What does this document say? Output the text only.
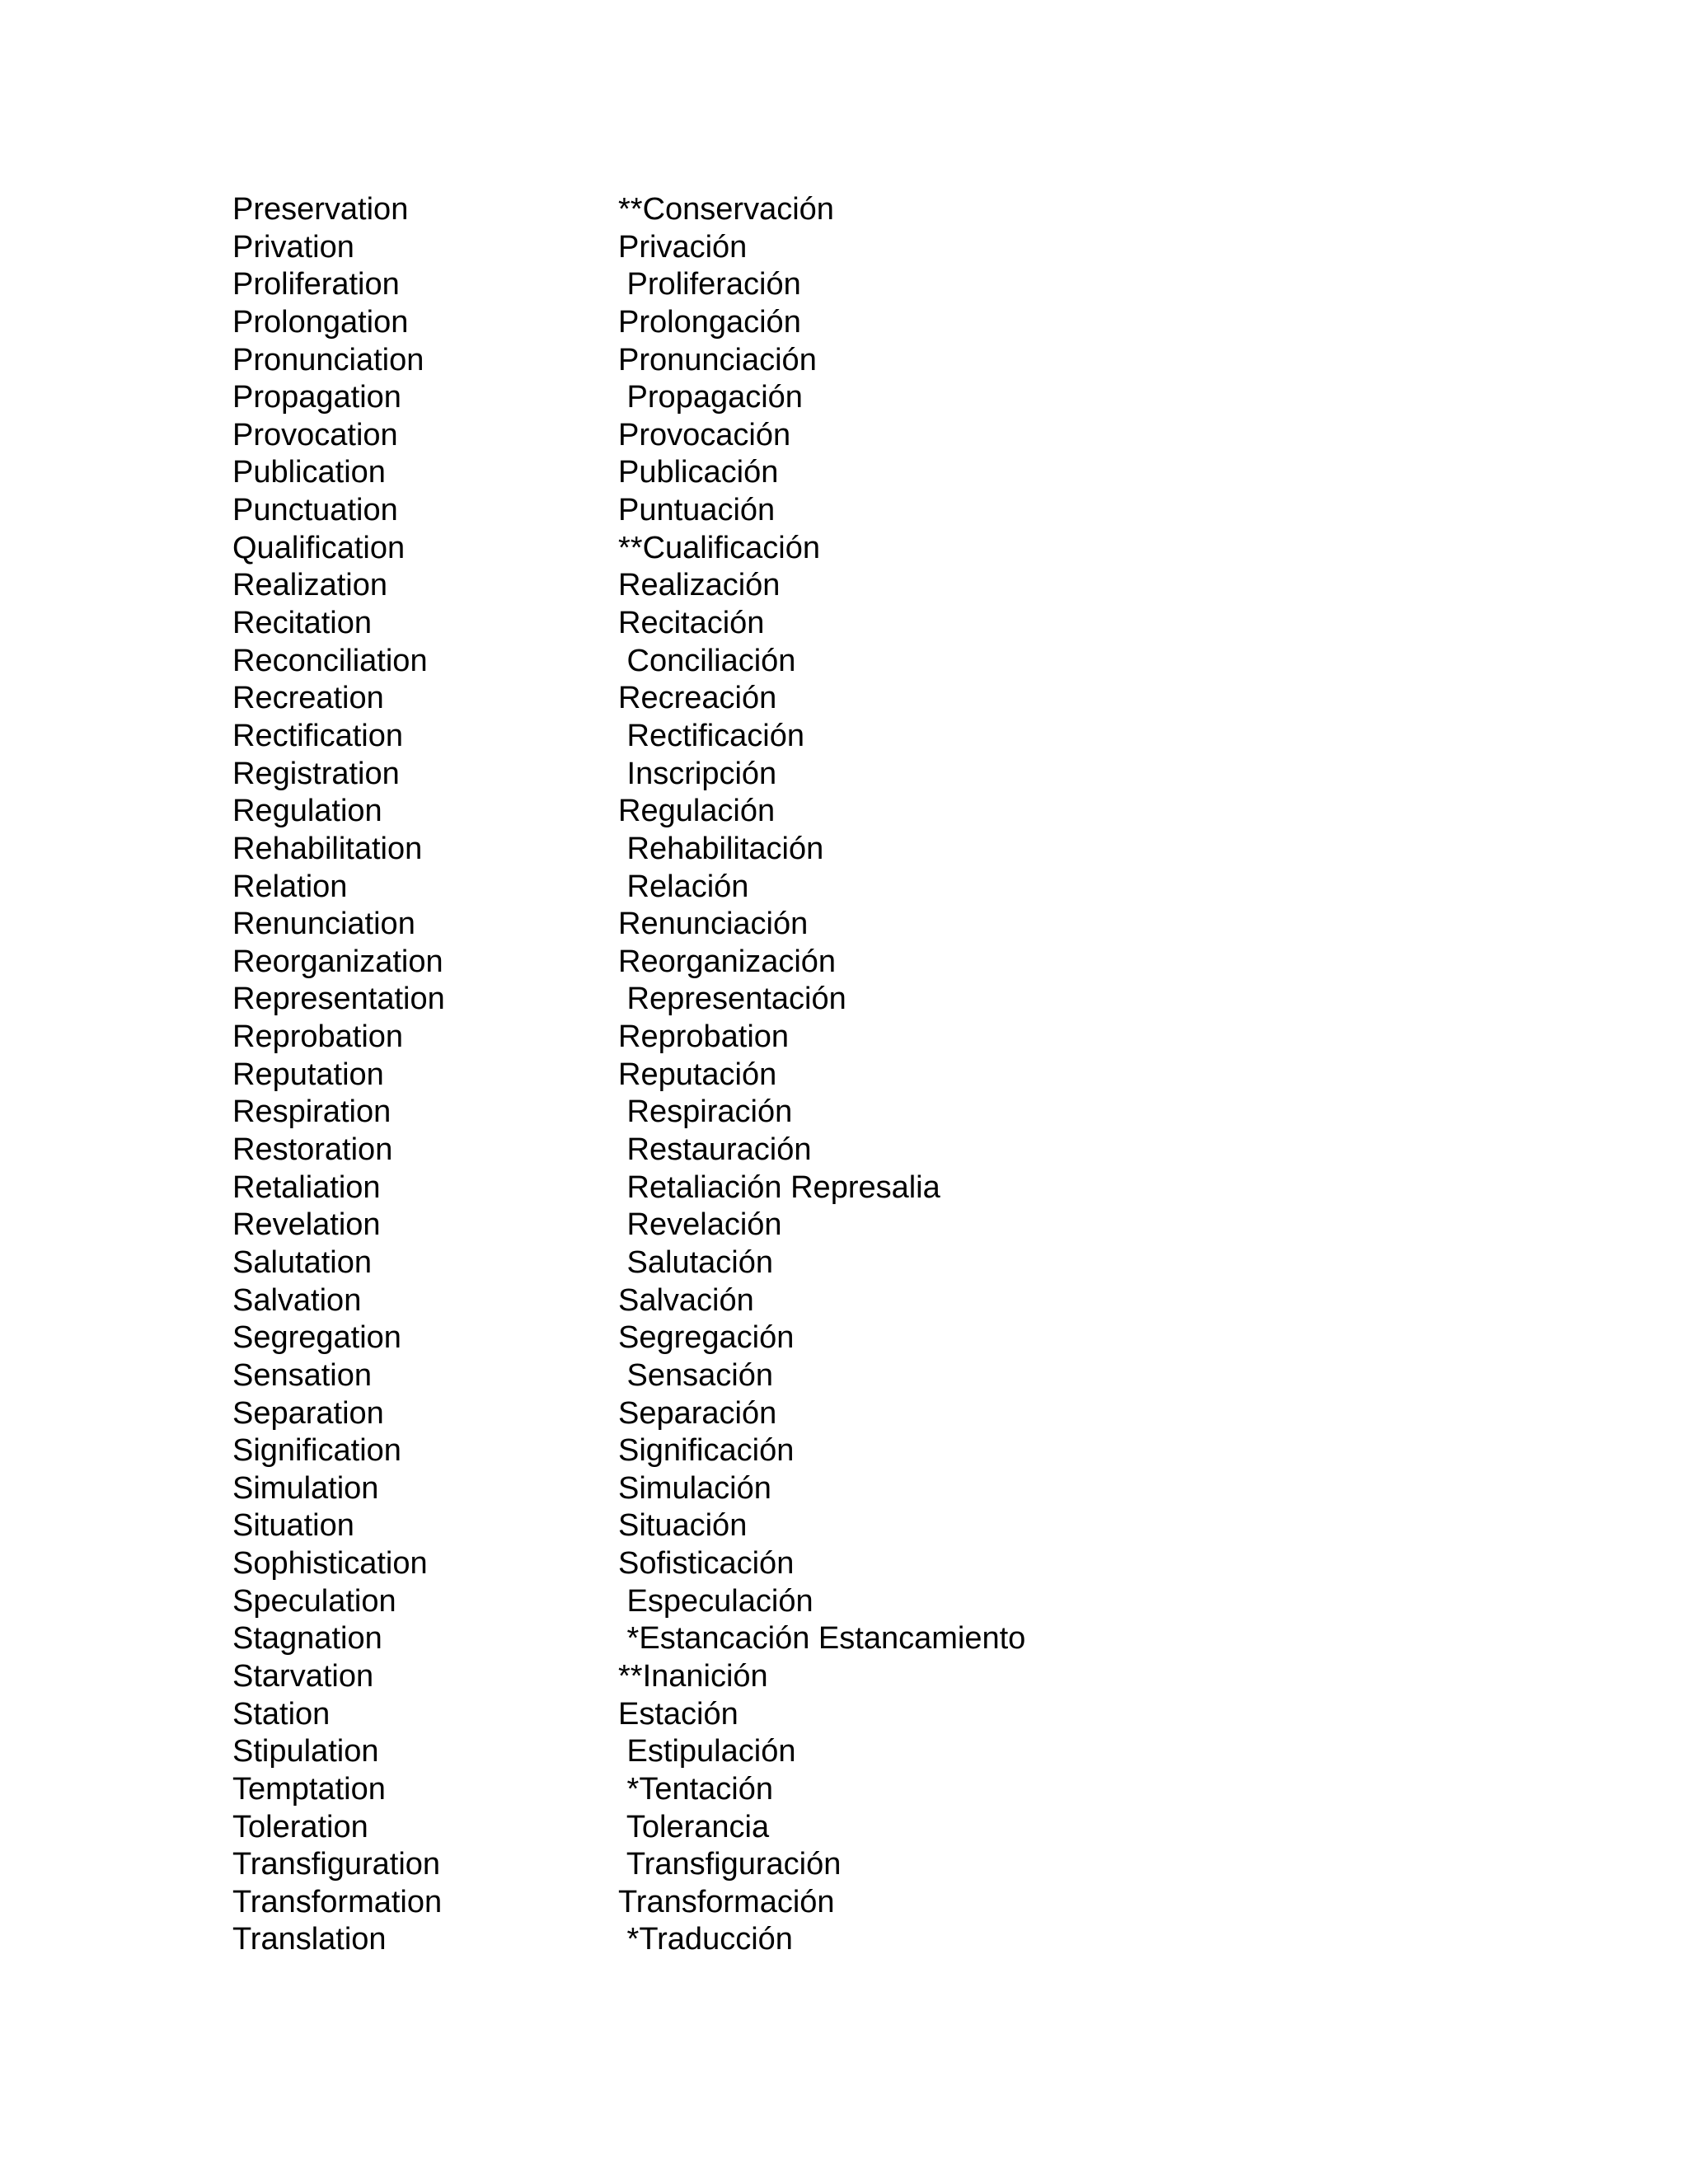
Preservation	**Conservación
Privation	Privación
Proliferation	Proliferación
Prolongation	Prolongación
Pronunciation	Pronunciación
Propagation	Propagación
Provocation	Provocación
Publication	Publicación
Punctuation	Puntuación
Qualification	**Cualificación
Realization	Realización
Recitation	Recitación
Reconciliation	Conciliación
Recreation	Recreación
Rectification	Rectificación
Registration	Inscripción
Regulation	Regulación
Rehabilitation	Rehabilitación
Relation	Relación
Renunciation	Renunciación
Reorganization	Reorganización
Representation	Representación
Reprobation	Reprobation
Reputation	Reputación
Respiration	Respiración
Restoration	Restauración
Retaliation	Retaliación Represalia
Revelation	Revelación
Salutation	Salutación
Salvation	Salvación
Segregation	Segregación
Sensation	Sensación
Separation	Separación
Signification	Significación
Simulation	Simulación
Situation	Situación
Sophistication	Sofisticación
Speculation	Especulación
Stagnation	*Estancación Estancamiento
Starvation	**Inanición
Station	Estación
Stipulation	Estipulación
Temptation	*Tentación
Toleration	Tolerancia
Transfiguration	Transfiguración
Transformation	Transformación
Translation	*Traducción
